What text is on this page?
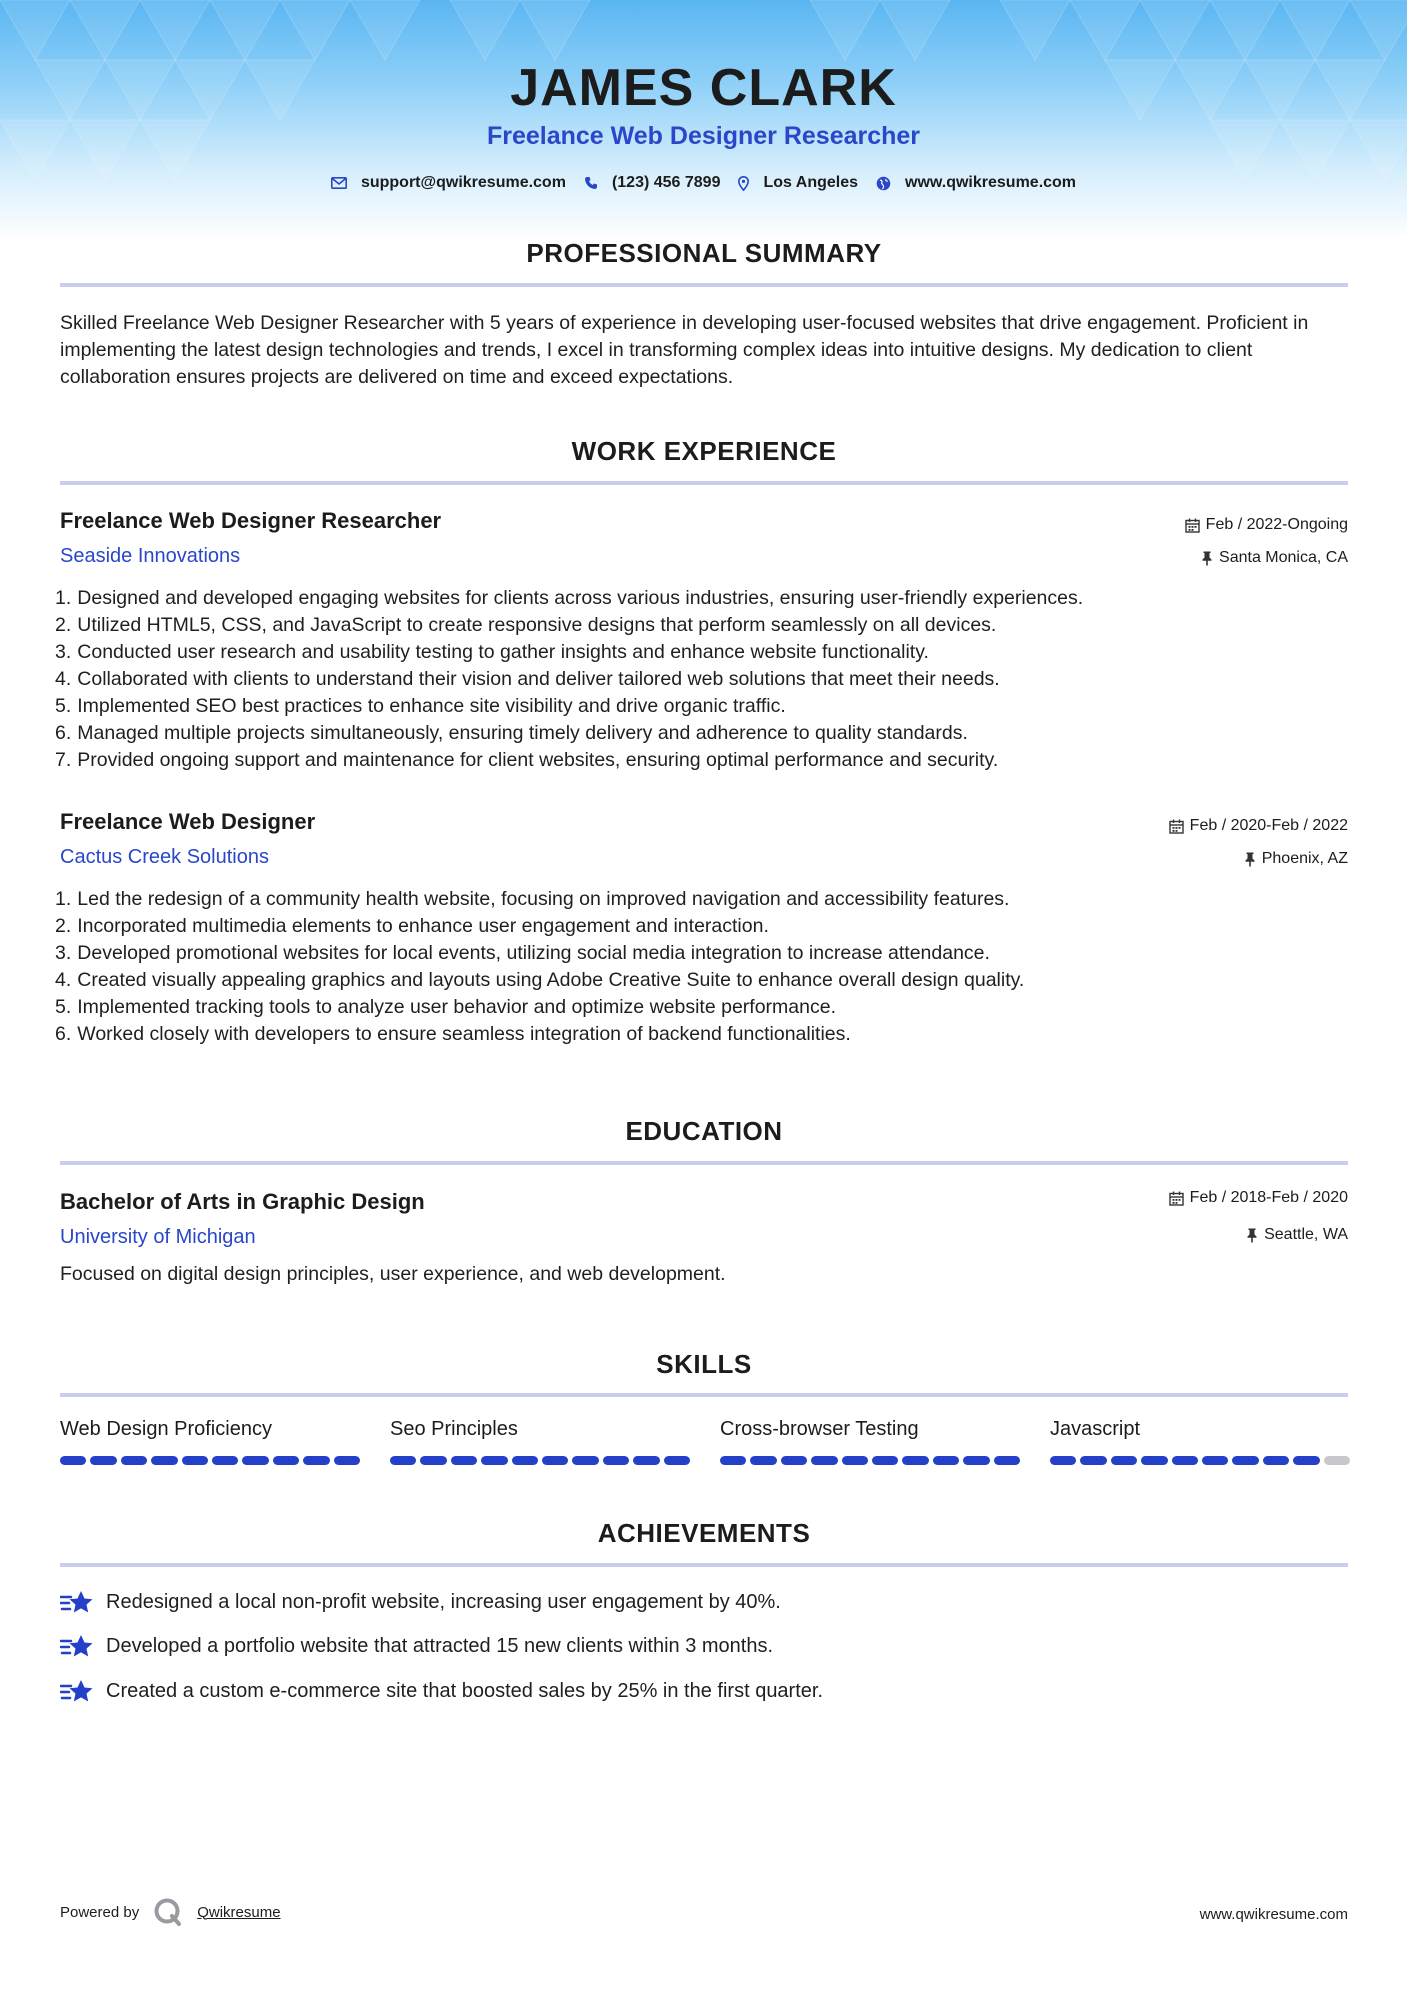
JAMES CLARK
Freelance Web Designer Researcher
support@qwikresume.com	(123) 456 7899	Los Angeles	www.qwikresume.com
PROFESSIONAL SUMMARY
Skilled Freelance Web Designer Researcher with 5 years of experience in developing user-focused websites that drive engagement. Proficient in implementing the latest design technologies and trends, I excel in transforming complex ideas into intuitive designs. My dedication to client collaboration ensures projects are delivered on time and exceed expectations.
WORK EXPERIENCE
Freelance Web Designer Researcher	Feb / 2022-Ongoing
Seaside Innovations	Santa Monica, CA
1. Designed and developed engaging websites for clients across various industries, ensuring user-friendly experiences.
2. Utilized HTML5, CSS, and JavaScript to create responsive designs that perform seamlessly on all devices.
3. Conducted user research and usability testing to gather insights and enhance website functionality.
4. Collaborated with clients to understand their vision and deliver tailored web solutions that meet their needs.
5. Implemented SEO best practices to enhance site visibility and drive organic traffic.
6. Managed multiple projects simultaneously, ensuring timely delivery and adherence to quality standards.
7. Provided ongoing support and maintenance for client websites, ensuring optimal performance and security.
Freelance Web Designer	Feb / 2020-Feb / 2022
Cactus Creek Solutions	Phoenix, AZ
1. Led the redesign of a community health website, focusing on improved navigation and accessibility features.
2. Incorporated multimedia elements to enhance user engagement and interaction.
3. Developed promotional websites for local events, utilizing social media integration to increase attendance.
4. Created visually appealing graphics and layouts using Adobe Creative Suite to enhance overall design quality.
5. Implemented tracking tools to analyze user behavior and optimize website performance.
6. Worked closely with developers to ensure seamless integration of backend functionalities.
EDUCATION
Bachelor of Arts in Graphic Design	Feb / 2018-Feb / 2020
University of Michigan	Seattle, WA
Focused on digital design principles, user experience, and web development.
SKILLS
Web Design Proficiency	Seo Principles	Cross-browser Testing	Javascript
ACHIEVEMENTS
Redesigned a local non-profit website, increasing user engagement by 40%.
Developed a portfolio website that attracted 15 new clients within 3 months.
Created a custom e-commerce site that boosted sales by 25% in the first quarter.
Powered by	Qwikresume	www.qwikresume.com
